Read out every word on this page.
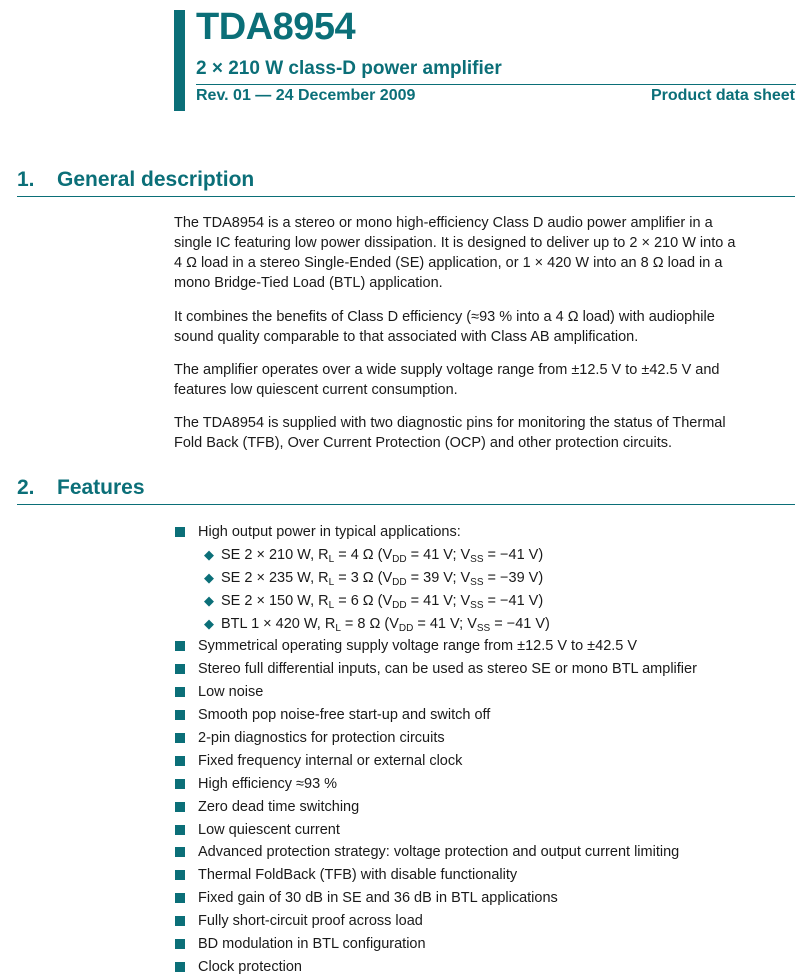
TDA8954
2 × 210 W class-D power amplifier
Rev. 01 — 24 December 2009	Product data sheet
1. General description
The TDA8954 is a stereo or mono high-efficiency Class D audio power amplifier in a
single IC featuring low power dissipation. It is designed to deliver up to 2 × 210 W into a
4 Ω load in a stereo Single-Ended (SE) application, or 1 × 420 W into an 8 Ω load in a
mono Bridge-Tied Load (BTL) application.
It combines the benefits of Class D efficiency (≈93 % into a 4 Ω load) with audiophile
sound quality comparable to that associated with Class AB amplification.
The amplifier operates over a wide supply voltage range from ±12.5 V to ±42.5 V and
features low quiescent current consumption.
The TDA8954 is supplied with two diagnostic pins for monitoring the status of Thermal
Fold Back (TFB), Over Current Protection (OCP) and other protection circuits.
2. Features
High output power in typical applications:
◆ SE 2 × 210 W, $R_L = 4$ Ω ($V_{DD} = 41$ V; $V_{SS} = -41$ V)
◆ SE 2 × 235 W, $R_L = 3$ Ω ($V_{DD} = 39$ V; $V_{SS} = -39$ V)
◆ SE 2 × 150 W, $R_L = 6$ Ω ($V_{DD} = 41$ V; $V_{SS} = -41$ V)
◆ BTL 1 × 420 W, $R_L = 8$ Ω ($V_{DD} = 41$ V; $V_{SS} = -41$ V)
Symmetrical operating supply voltage range from ±12.5 V to ±42.5 V
Stereo full differential inputs, can be used as stereo SE or mono BTL amplifier
Low noise
Smooth pop noise-free start-up and switch off
2-pin diagnostics for protection circuits
Fixed frequency internal or external clock
High efficiency ≈93 %
Zero dead time switching
Low quiescent current
Advanced protection strategy: voltage protection and output current limiting
Thermal FoldBack (TFB) with disable functionality
Fixed gain of 30 dB in SE and 36 dB in BTL applications
Fully short-circuit proof across load
BD modulation in BTL configuration
Clock protection
